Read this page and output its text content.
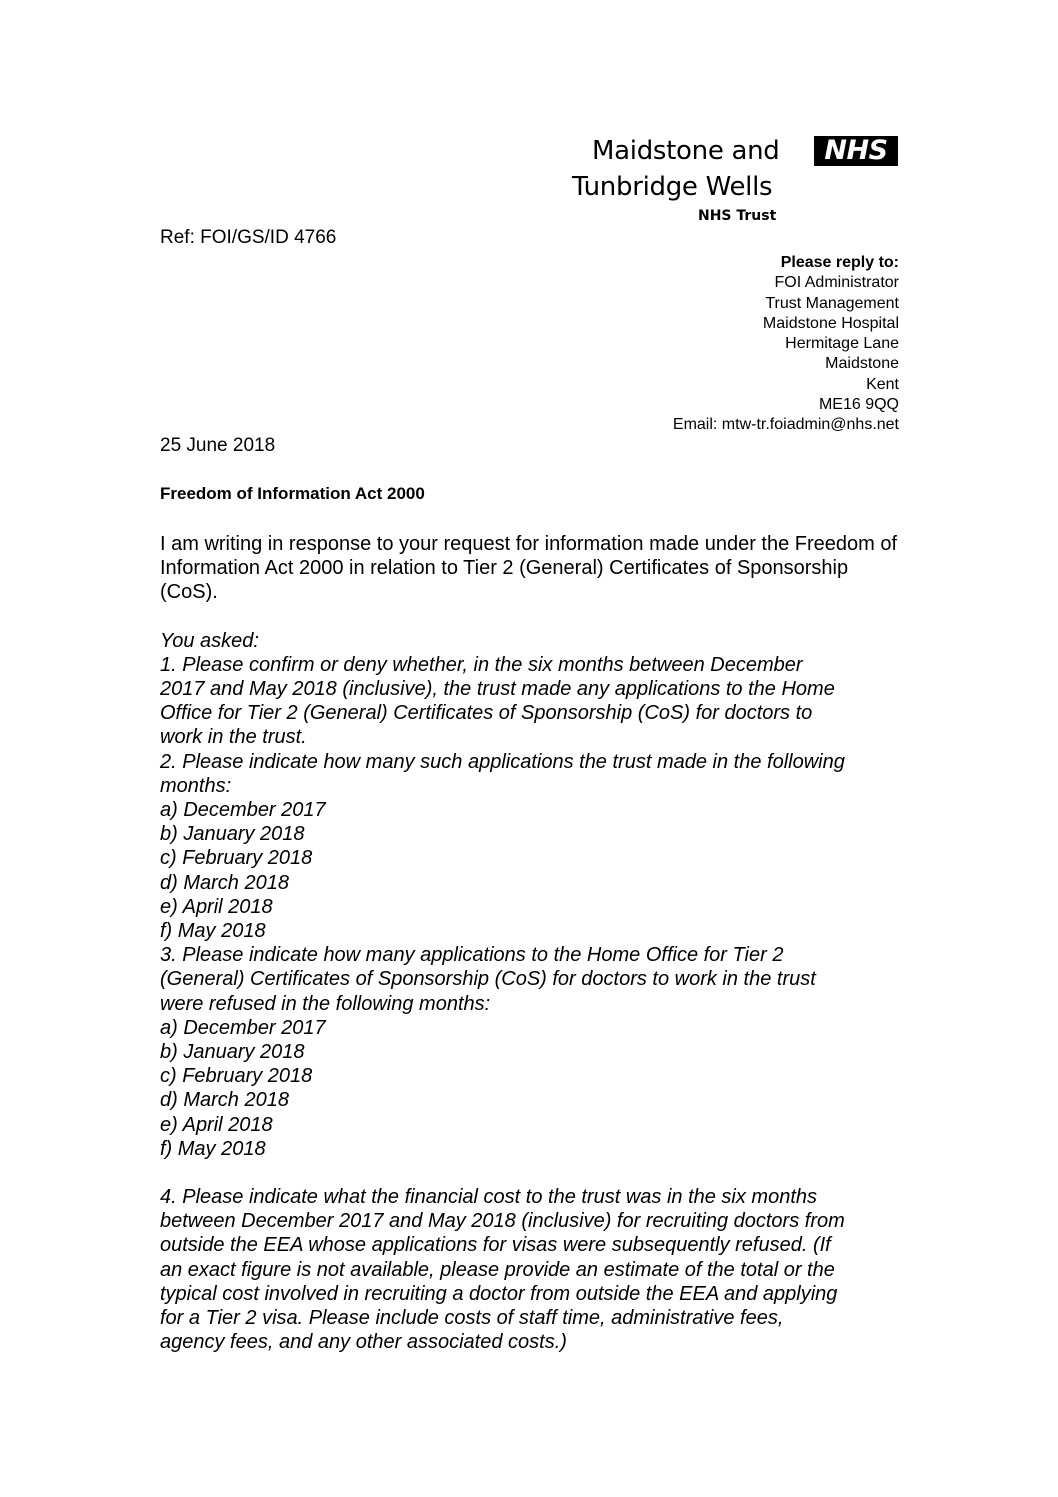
Maidstone and	NHS
Tunbridge Wells
NHS Trust
Ref: FOI/GS/ID 4766
Please reply to:
FOI Administrator
Trust Management
Maidstone Hospital
Hermitage Lane
Maidstone
Kent
ME16 9QQ
Email: mtw-tr.foiadmin@nhs.net
25 June 2018
Freedom of Information Act 2000

I am writing in response to your request for information made under the Freedom of Information Act 2000 in relation to Tier 2 (General) Certificates of Sponsorship (CoS).

You asked:
1. Please confirm or deny whether, in the six months between December
2017 and May 2018 (inclusive), the trust made any applications to the Home
Office for Tier 2 (General) Certificates of Sponsorship (CoS) for doctors to
work in the trust.
2. Please indicate how many such applications the trust made in the following
months:
a) December 2017
b) January 2018
c) February 2018
d) March 2018
e) April 2018
f) May 2018
3. Please indicate how many applications to the Home Office for Tier 2
(General) Certificates of Sponsorship (CoS) for doctors to work in the trust
were refused in the following months:
a) December 2017
b) January 2018
c) February 2018
d) March 2018
e) April 2018
f) May 2018
4. Please indicate what the financial cost to the trust was in the six months
between December 2017 and May 2018 (inclusive) for recruiting doctors from
outside the EEA whose applications for visas were subsequently refused. (If
an exact figure is not available, please provide an estimate of the total or the
typical cost involved in recruiting a doctor from outside the EEA and applying
for a Tier 2 visa. Please include costs of staff time, administrative fees,
agency fees, and any other associated costs.)
